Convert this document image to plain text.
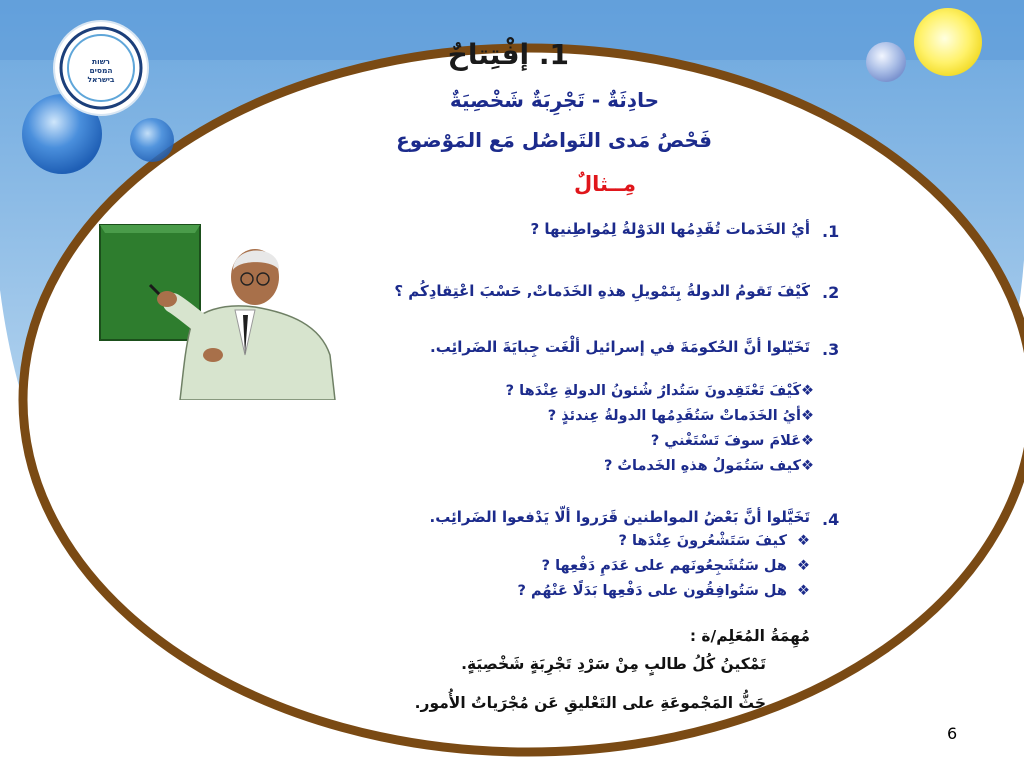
רשות
המסים
בישראל
1. إفْتِتاحٌ
حادِثَةٌ - تَجْرِبَةٌ شَخْصِيَةٌ
فَحْصُ مَدى التَواصُل مَع المَوْضوع
مِــثالٌ
.1
أيُ الخَدَمات تُقَدِمُها الدَوْلةُ لِمُواطِنيها ?
.2
كَيْفَ تَقومُ الدولةُ بِتَمْويلِ هذهِ الخَدَماتْ, حَسْبَ اعْتِقادِكُم ؟
.3
تَخَيّلوا أنَّ الحُكومَةَ في إسرائيل ألْغَت جِبايَةَ الضَرائِب.
❖كَيْفَ تَعْتَقِدونَ سَتُدارُ شُئونُ الدولةِ عِنْدَها ?
❖أيُ الخَدَماتْ سَتُقَدِمُها الدولةُ عِندئذٍ ?
❖عَلامَ سوفَ تَسْتَغْني ?
❖كيف سَتُمَولُ هذهِ الخَدماتُ ?
.4
تَخَيَّلوا أنَّ بَعْضُ المواطنين قَرَروا ألّا يَدْفعوا الضَرائِب.
❖  كيفَ سَتَشْعُرونَ عِنْدَها ?
❖  هل سَتُشَجِعُونَهم على عَدَمِ دَفْعِها ?
❖  هل سَتُوافِقُون على دَفْعِها بَدَلًا عَنْهُم ?
مُهِمَةُ المُعَلِم/ة :
تَمْكينُ كُلُ طالبٍ مِنْ سَرْدِ تَجْرِبَةٍ شَخْصِيَةٍ.
حَثُّ المَجْموعَةِ على التَعْليقِ عَن مُجْرَياتُ الأُمور.
6
